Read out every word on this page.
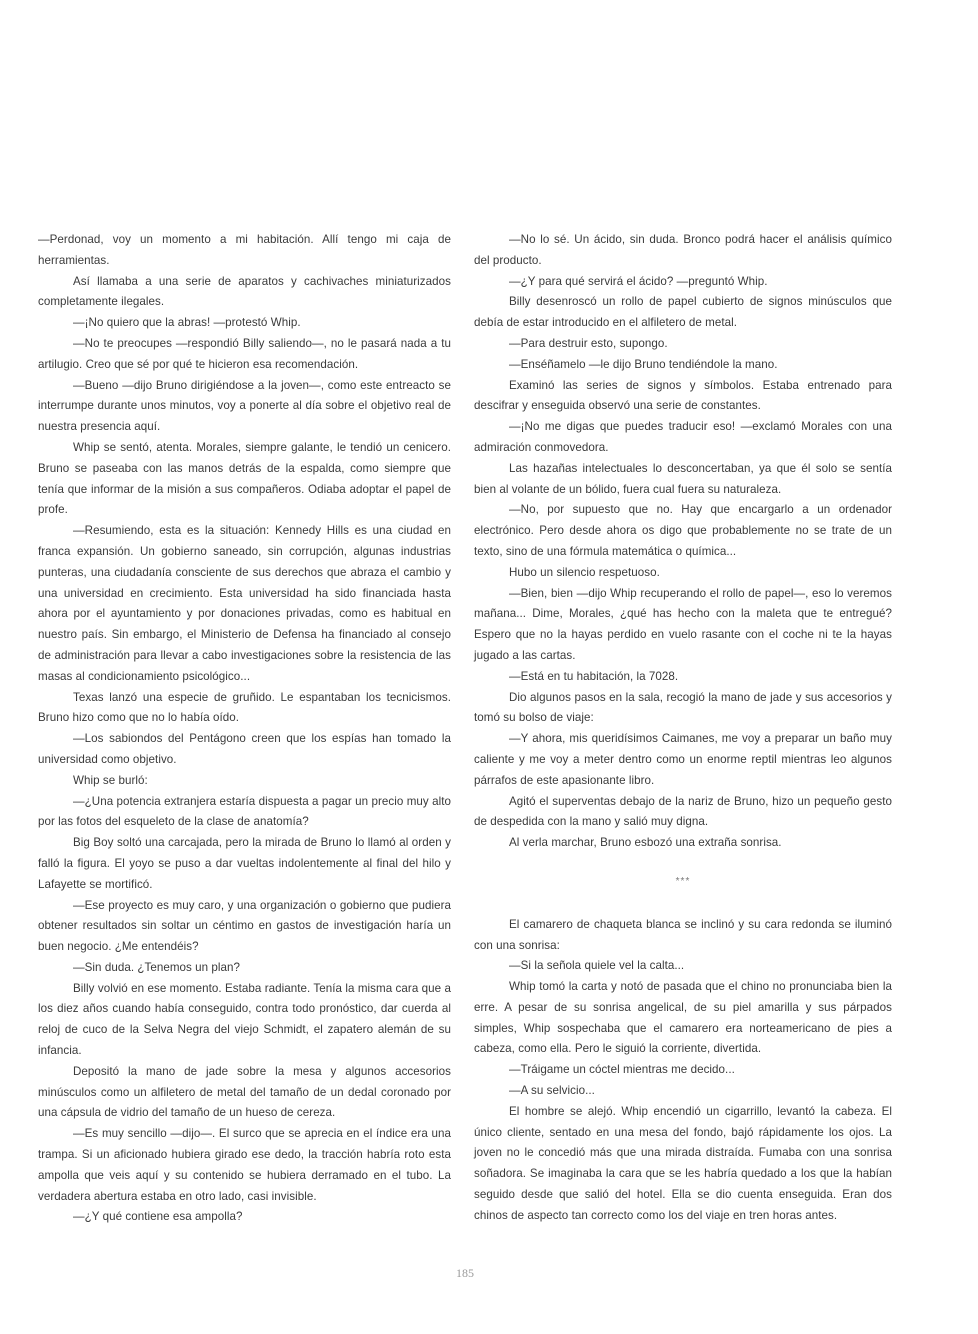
—Perdonad, voy un momento a mi habitación. Allí tengo mi caja de herramientas.

Así llamaba a una serie de aparatos y cachivaches miniaturizados completamente ilegales.

—¡No quiero que la abras! —protestó Whip.

—No te preocupes —respondió Billy saliendo—, no le pasará nada a tu artilugio. Creo que sé por qué te hicieron esa recomendación.

—Bueno —dijo Bruno dirigiéndose a la joven—, como este entreacto se interrumpe durante unos minutos, voy a ponerte al día sobre el objetivo real de nuestra presencia aquí.

Whip se sentó, atenta. Morales, siempre galante, le tendió un cenicero. Bruno se paseaba con las manos detrás de la espalda, como siempre que tenía que informar de la misión a sus compañeros. Odiaba adoptar el papel de profe.

—Resumiendo, esta es la situación: Kennedy Hills es una ciudad en franca expansión. Un gobierno saneado, sin corrupción, algunas industrias punteras, una ciudadanía consciente de sus derechos que abraza el cambio y una universidad en crecimiento. Esta universidad ha sido financiada hasta ahora por el ayuntamiento y por donaciones privadas, como es habitual en nuestro país. Sin embargo, el Ministerio de Defensa ha financiado al consejo de administración para llevar a cabo investigaciones sobre la resistencia de las masas al condicionamiento psicológico...

Texas lanzó una especie de gruñido. Le espantaban los tecnicismos. Bruno hizo como que no lo había oído.

—Los sabiondos del Pentágono creen que los espías han tomado la universidad como objetivo.

Whip se burló:

—¿Una potencia extranjera estaría dispuesta a pagar un precio muy alto por las fotos del esqueleto de la clase de anatomía?

Big Boy soltó una carcajada, pero la mirada de Bruno lo llamó al orden y falló la figura. El yoyo se puso a dar vueltas indolentemente al final del hilo y Lafayette se mortificó.

—Ese proyecto es muy caro, y una organización o gobierno que pudiera obtener resultados sin soltar un céntimo en gastos de investigación haría un buen negocio. ¿Me entendéis?

—Sin duda. ¿Tenemos un plan?

Billy volvió en ese momento. Estaba radiante. Tenía la misma cara que a los diez años cuando había conseguido, contra todo pronóstico, dar cuerda al reloj de cuco de la Selva Negra del viejo Schmidt, el zapatero alemán de su infancia.

Depositó la mano de jade sobre la mesa y algunos accesorios minúsculos como un alfiletero de metal del tamaño de un dedal coronado por una cápsula de vidrio del tamaño de un hueso de cereza.

—Es muy sencillo —dijo—. El surco que se aprecia en el índice era una trampa. Si un aficionado hubiera girado ese dedo, la tracción habría roto esta ampolla que veis aquí y su contenido se hubiera derramado en el tubo. La verdadera abertura estaba en otro lado, casi invisible.

—¿Y qué contiene esa ampolla?

—No lo sé. Un ácido, sin duda. Bronco podrá hacer el análisis químico del producto.

—¿Y para qué servirá el ácido? —preguntó Whip.

Billy desenroscó un rollo de papel cubierto de signos minúsculos que debía de estar introducido en el alfiletero de metal.

—Para destruir esto, supongo.

—Enséñamelo —le dijo Bruno tendiéndole la mano.

Examinó las series de signos y símbolos. Estaba entrenado para descifrar y enseguida observó una serie de constantes.

—¡No me digas que puedes traducir eso! —exclamó Morales con una admiración conmovedora.

Las hazañas intelectuales lo desconcertaban, ya que él solo se sentía bien al volante de un bólido, fuera cual fuera su naturaleza.

—No, por supuesto que no. Hay que encargarlo a un ordenador electrónico. Pero desde ahora os digo que probablemente no se trate de un texto, sino de una fórmula matemática o química...

Hubo un silencio respetuoso.

—Bien, bien —dijo Whip recuperando el rollo de papel—, eso lo veremos mañana... Dime, Morales, ¿qué has hecho con la maleta que te entregué? Espero que no la hayas perdido en vuelo rasante con el coche ni te la hayas jugado a las cartas.

—Está en tu habitación, la 7028.

Dio algunos pasos en la sala, recogió la mano de jade y sus accesorios y tomó su bolso de viaje:

—Y ahora, mis queridísimos Caimanes, me voy a preparar un baño muy caliente y me voy a meter dentro como un enorme reptil mientras leo algunos párrafos de este apasionante libro.

Agitó el superventas debajo de la nariz de Bruno, hizo un pequeño gesto de despedida con la mano y salió muy digna.

Al verla marchar, Bruno esbozó una extraña sonrisa.

***

El camarero de chaqueta blanca se inclinó y su cara redonda se iluminó con una sonrisa:

—Si la señola quiele vel la calta...

Whip tomó la carta y notó de pasada que el chino no pronunciaba bien la erre. A pesar de su sonrisa angelical, de su piel amarilla y sus párpados simples, Whip sospechaba que el camarero era norteamericano de pies a cabeza, como ella. Pero le siguió la corriente, divertida.

—Tráigame un cóctel mientras me decido...

—A su selvicio...

El hombre se alejó. Whip encendió un cigarrillo, levantó la cabeza. El único cliente, sentado en una mesa del fondo, bajó rápidamente los ojos. La joven no le concedió más que una mirada distraída. Fumaba con una sonrisa soñadora. Se imaginaba la cara que se les habría quedado a los que la habían seguido desde que salió del hotel. Ella se dio cuenta enseguida. Eran dos chinos de aspecto tan correcto como los del viaje en tren horas antes.

185
